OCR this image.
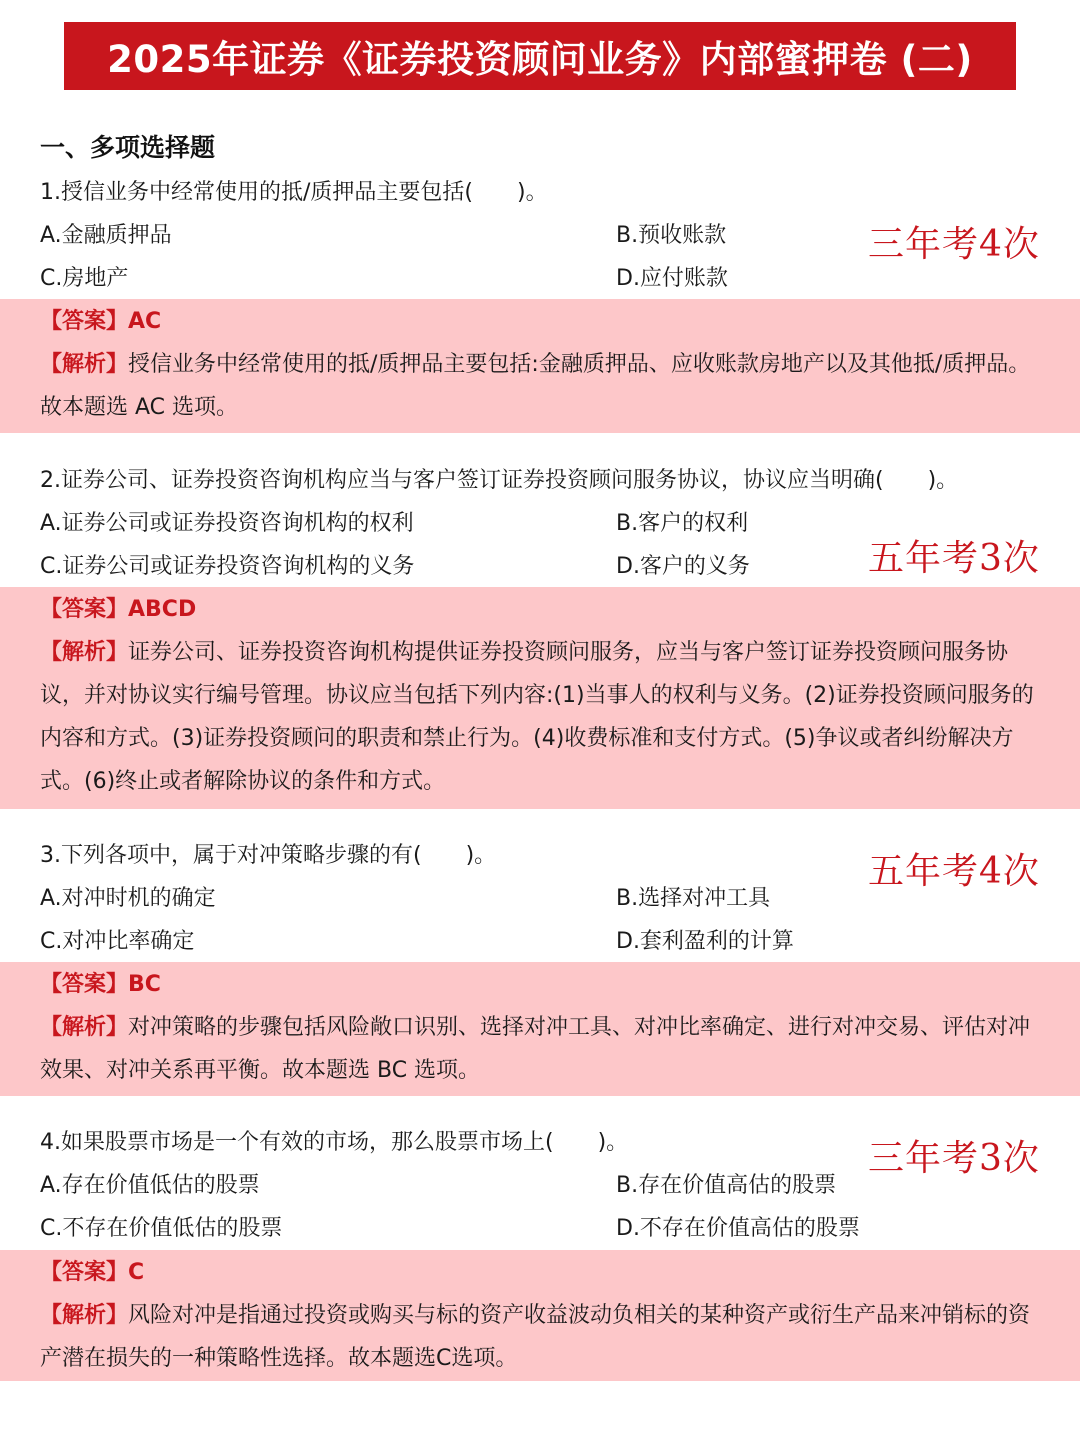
2025年证券《证券投资顾问业务》内部蜜押卷 (二)
一、多项选择题
1.授信业务中经常使用的抵/质押品主要包括(　　)。
A.金融质押品	B.预收账款
C.房地产	D.应付账款
三年考4次
【答案】AC
【解析】授信业务中经常使用的抵/质押品主要包括:金融质押品、应收账款房地产以及其他抵/质押品。故本题选 AC 选项。
2.证券公司、证券投资咨询机构应当与客户签订证券投资顾问服务协议，协议应当明确(　　)。
A.证券公司或证券投资咨询机构的权利	B.客户的权利
C.证券公司或证券投资咨询机构的义务	D.客户的义务	五年考3次
【答案】ABCD
【解析】证券公司、证券投资咨询机构提供证券投资顾问服务，应当与客户签订证券投资顾问服务协议，并对协议实行编号管理。协议应当包括下列内容:(1)当事人的权利与义务。(2)证券投资顾问服务的内容和方式。(3)证券投资顾问的职责和禁止行为。(4)收费标准和支付方式。(5)争议或者纠纷解决方式。(6)终止或者解除协议的条件和方式。
3.下列各项中，属于对冲策略步骤的有(　　)。
A.对冲时机的确定	B.选择对冲工具
C.对冲比率确定	D.套利盈利的计算
五年考4次
【答案】BC
【解析】对冲策略的步骤包括风险敞口识别、选择对冲工具、对冲比率确定、进行对冲交易、评估对冲效果、对冲关系再平衡。故本题选 BC 选项。
4.如果股票市场是一个有效的市场，那么股票市场上(　　)。
A.存在价值低估的股票	B.存在价值高估的股票
C.不存在价值低估的股票	D.不存在价值高估的股票
三年考3次
【答案】C
【解析】风险对冲是指通过投资或购买与标的资产收益波动负相关的某种资产或衍生产品来冲销标的资产潜在损失的一种策略性选择。故本题选C选项。
